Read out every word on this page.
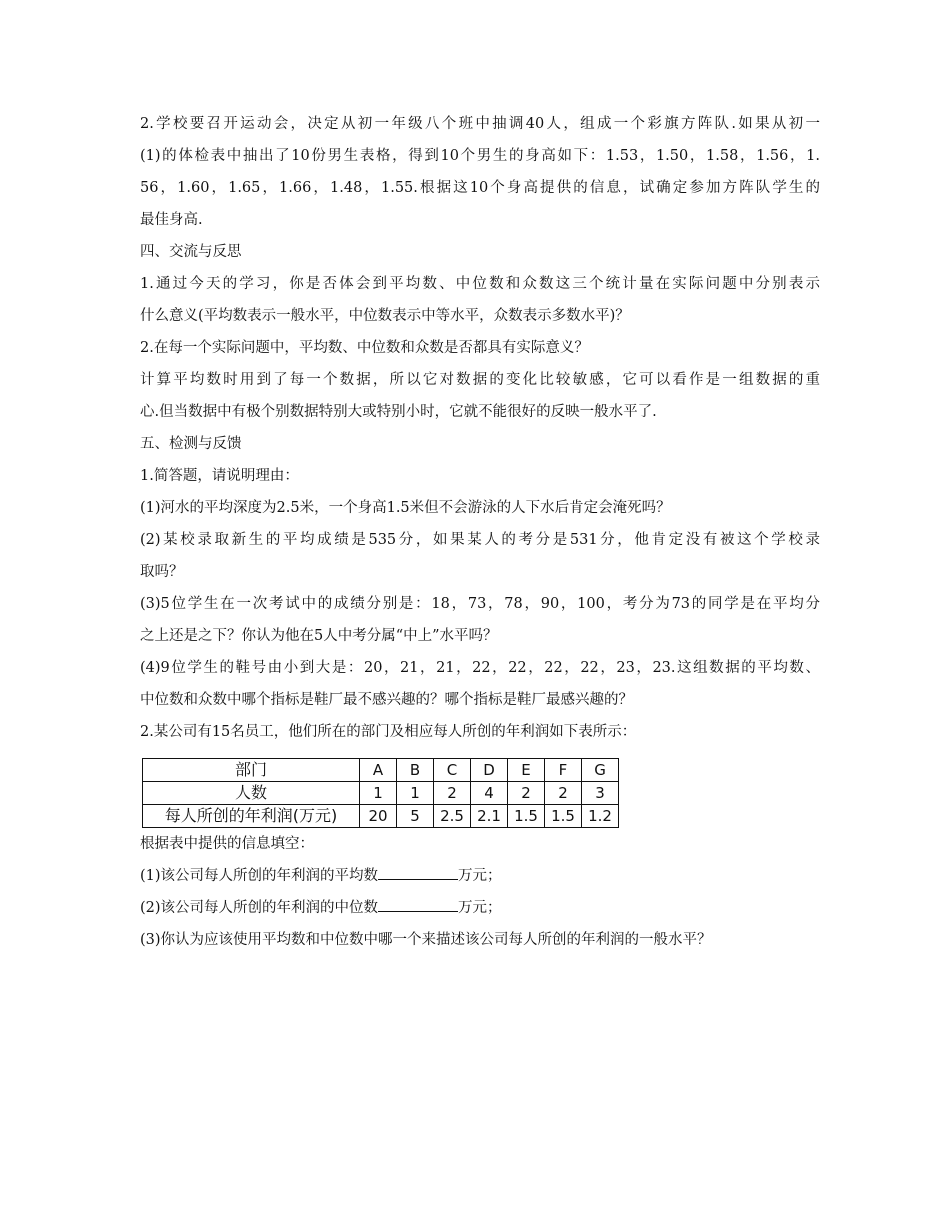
2.学校要召开运动会，决定从初一年级八个班中抽调40人，组成一个彩旗方阵队.如果从初一

(1)的体检表中抽出了10份男生表格，得到10个男生的身高如下：1.53，1.50，1.58，1.56，1.

56，1.60，1.65，1.66，1.48，1.55.根据这10个身高提供的信息，试确定参加方阵队学生的

最佳身高.

四、交流与反思

1.通过今天的学习，你是否体会到平均数、中位数和众数这三个统计量在实际问题中分别表示

什么意义(平均数表示一般水平，中位数表示中等水平，众数表示多数水平)？

2.在每一个实际问题中，平均数、中位数和众数是否都具有实际意义？

计算平均数时用到了每一个数据，所以它对数据的变化比较敏感，它可以看作是一组数据的重

心.但当数据中有极个别数据特别大或特别小时，它就不能很好的反映一般水平了.

五、检测与反馈

1.简答题，请说明理由：

(1)河水的平均深度为2.5米，一个身高1.5米但不会游泳的人下水后肯定会淹死吗？

(2)某校录取新生的平均成绩是535分，如果某人的考分是531分，他肯定没有被这个学校录

取吗？

(3)5位学生在一次考试中的成绩分别是：18，73，78，90，100，考分为73的同学是在平均分

之上还是之下？你认为他在5人中考分属“中上”水平吗？

(4)9位学生的鞋号由小到大是：20，21，21，22，22，22，22，23，23.这组数据的平均数、

中位数和众数中哪个指标是鞋厂最不感兴趣的？哪个指标是鞋厂最感兴趣的？

2.某公司有15名员工，他们所在的部门及相应每人所创的年利润如下表所示：

部门	A	B	C	D	E	F	G
人数	1	1	2	4	2	2	3
每人所创的年利润(万元)	20	5	2.5	2.1	1.5	1.5	1.2

根据表中提供的信息填空：

(1)该公司每人所创的年利润的平均数	万元；

(2)该公司每人所创的年利润的中位数	万元；

(3)你认为应该使用平均数和中位数中哪一个来描述该公司每人所创的年利润的一般水平？
